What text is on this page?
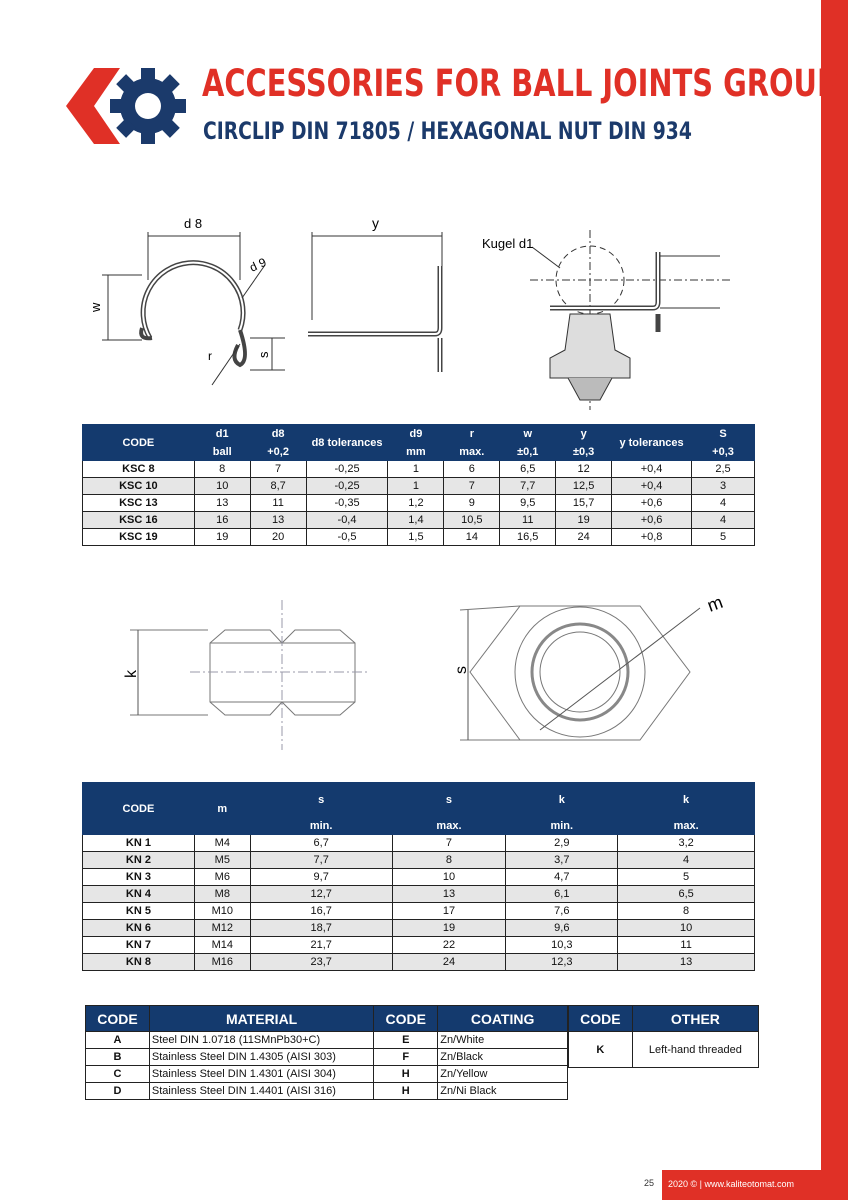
ACCESSORIES FOR BALL JOINTS GROUP
CIRCLIP DIN 71805 / HEXAGONAL NUT DIN 934
d 8	y
d 9
w
r	s
Kugel d1
CODE	d1	d8	d8 tolerances	d9	r	w	y	y tolerances	S
	ball	+0,2		mm	max.	±0,1	±0,3		+0,3
KSC 8	8	7	-0,25	1	6	6,5	12	+0,4	2,5
KSC 10	10	8,7	-0,25	1	7	7,7	12,5	+0,4	3
KSC 13	13	11	-0,35	1,2	9	9,5	15,7	+0,6	4
KSC 16	16	13	-0,4	1,4	10,5	11	19	+0,6	4
KSC 19	19	20	-0,5	1,5	14	16,5	24	+0,8	5
k	s
m
CODE	m	s	s	k	k
		min.	max.	min.	max.
KN 1	M4	6,7	7	2,9	3,2
KN 2	M5	7,7	8	3,7	4
KN 3	M6	9,7	10	4,7	5
KN 4	M8	12,7	13	6,1	6,5
KN 5	M10	16,7	17	7,6	8
KN 6	M12	18,7	19	9,6	10
KN 7	M14	21,7	22	10,3	11
KN 8	M16	23,7	24	12,3	13
CODE	MATERIAL	CODE	COATING
A	Steel DIN 1.0718 (11SMnPb30+C)	E	Zn/White
B	Stainless Steel DIN 1.4305 (AISI 303)	F	Zn/Black
C	Stainless Steel DIN 1.4301 (AISI 304)	H	Zn/Yellow
D	Stainless Steel DIN 1.4401 (AISI 316)	H	Zn/Ni Black
CODE	OTHER
K	Left-hand threaded
25 2020 © | www.kaliteotomat.com
